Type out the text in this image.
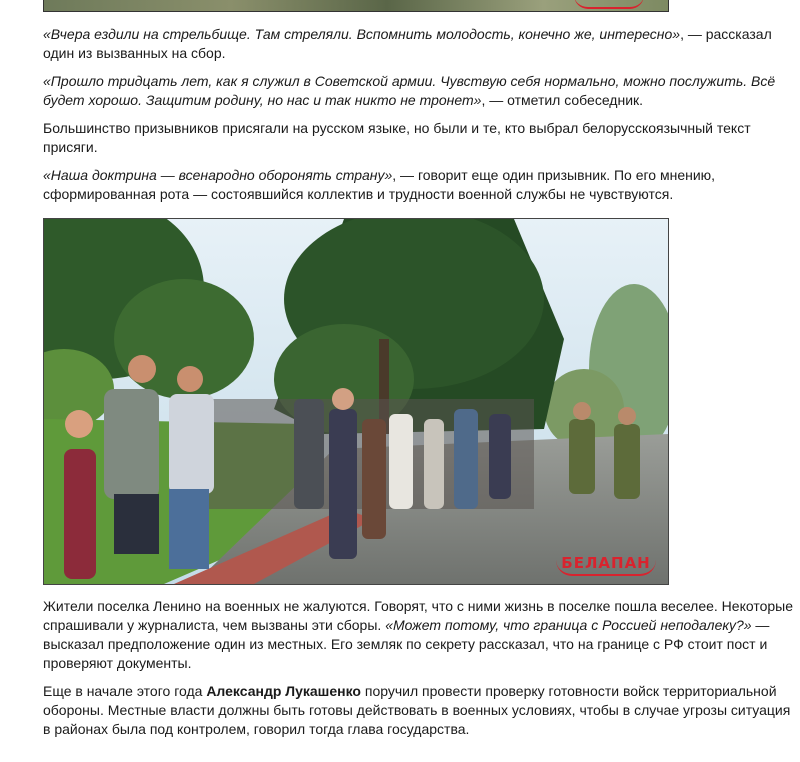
«Вчера ездили на стрельбище. Там стреляли. Вспомнить молодость, конечно же, интересно», — рассказал один из вызванных на сбор.

«Прошло тридцать лет, как я служил в Советской армии. Чувствую себя нормально, можно послужить. Всё будет хорошо. Защитим родину, но нас и так никто не тронет», — отметил собеседник.

Большинство призывников присягали на русском языке, но были и те, кто выбрал белорусскоязычный текст присяги.

«Наша доктрина — всенародно оборонять страну», — говорит еще один призывник. По его мнению, сформированная рота — состоявшийся коллектив и трудности военной службы не чувствуются.

БЕЛАПАН

Жители поселка Ленино на военных не жалуются. Говорят, что с ними жизнь в поселке пошла веселее. Некоторые спрашивали у журналиста, чем вызваны эти сборы. «Может потому, что граница с Россией неподалеку?» — высказал предположение один из местных. Его земляк по секрету рассказал, что на границе с РФ стоит пост и проверяют документы.

Еще в начале этого года Александр Лукашенко поручил провести проверку готовности войск территориальной обороны. Местные власти должны быть готовы действовать в военных условиях, чтобы в случае угрозы ситуация в районах была под контролем, говорил тогда глава государства.
